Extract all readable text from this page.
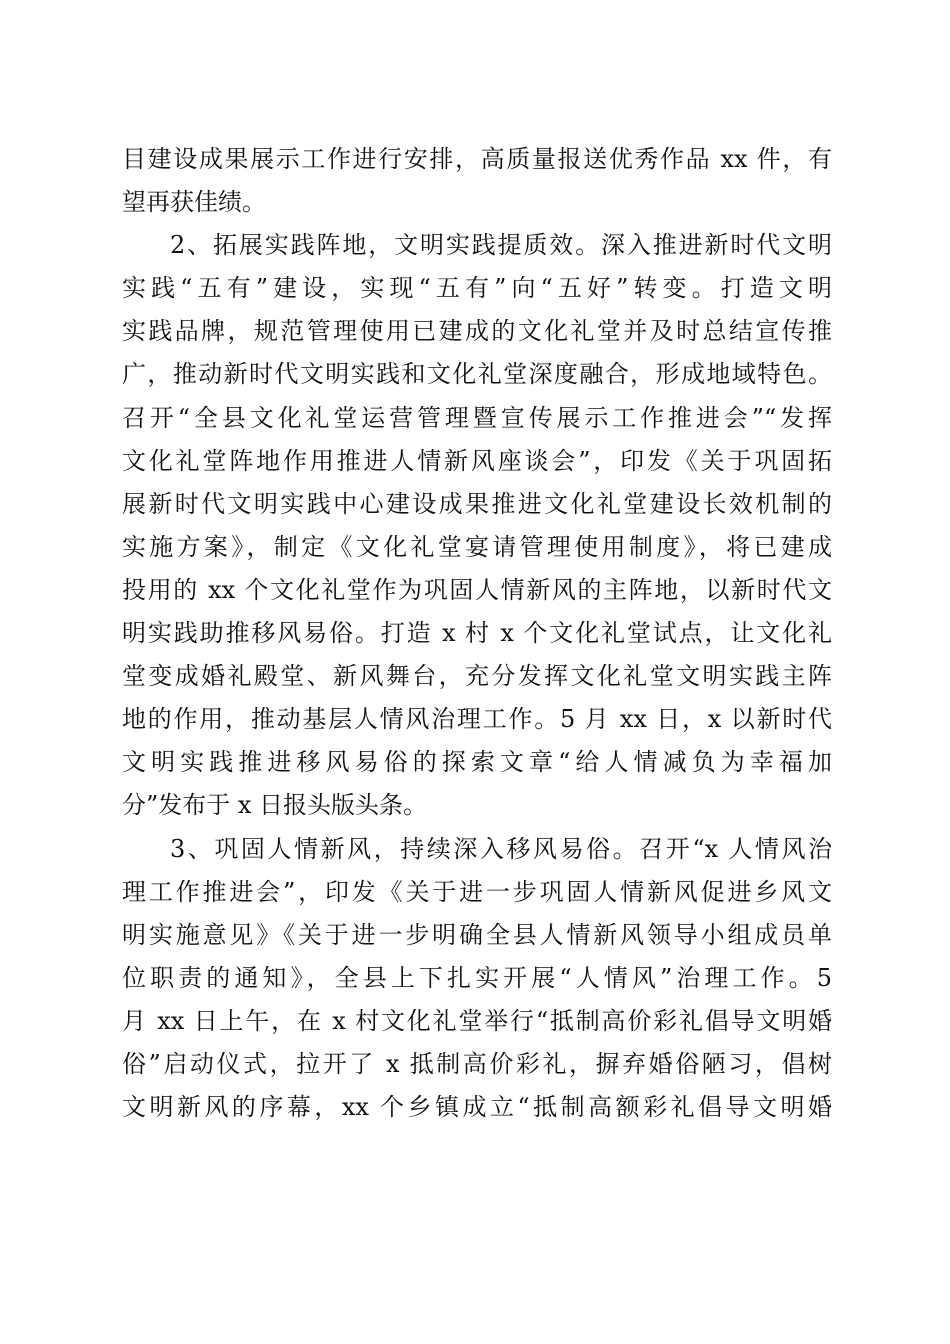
目建设成果展示工作进行安排，高质量报送优秀作品 xx 件，有
望再获佳绩。
2、拓展实践阵地，文明实践提质效。深入推进新时代文明
实践“五有”建设，实现“五有”向“五好”转变。打造文明
实践品牌，规范管理使用已建成的文化礼堂并及时总结宣传推
广，推动新时代文明实践和文化礼堂深度融合，形成地域特色。
召开“全县文化礼堂运营管理暨宣传展示工作推进会”“发挥
文化礼堂阵地作用推进人情新风座谈会”，印发《关于巩固拓
展新时代文明实践中心建设成果推进文化礼堂建设长效机制的
实施方案》，制定《文化礼堂宴请管理使用制度》，将已建成
投用的 xx 个文化礼堂作为巩固人情新风的主阵地，以新时代文
明实践助推移风易俗。打造 x 村 x 个文化礼堂试点，让文化礼
堂变成婚礼殿堂、新风舞台，充分发挥文化礼堂文明实践主阵
地的作用，推动基层人情风治理工作。5 月 xx 日，x 以新时代
文明实践推进移风易俗的探索文章“给人情减负为幸福加
分”发布于 x 日报头版头条。
3、巩固人情新风，持续深入移风易俗。召开“x 人情风治
理工作推进会”，印发《关于进一步巩固人情新风促进乡风文
明实施意见》《关于进一步明确全县人情新风领导小组成员单
位职责的通知》，全县上下扎实开展“人情风”治理工作。5
月 xx 日上午，在 x 村文化礼堂举行“抵制高价彩礼倡导文明婚
俗”启动仪式，拉开了 x 抵制高价彩礼，摒弃婚俗陋习，倡树
文明新风的序幕，xx 个乡镇成立“抵制高额彩礼倡导文明婚
